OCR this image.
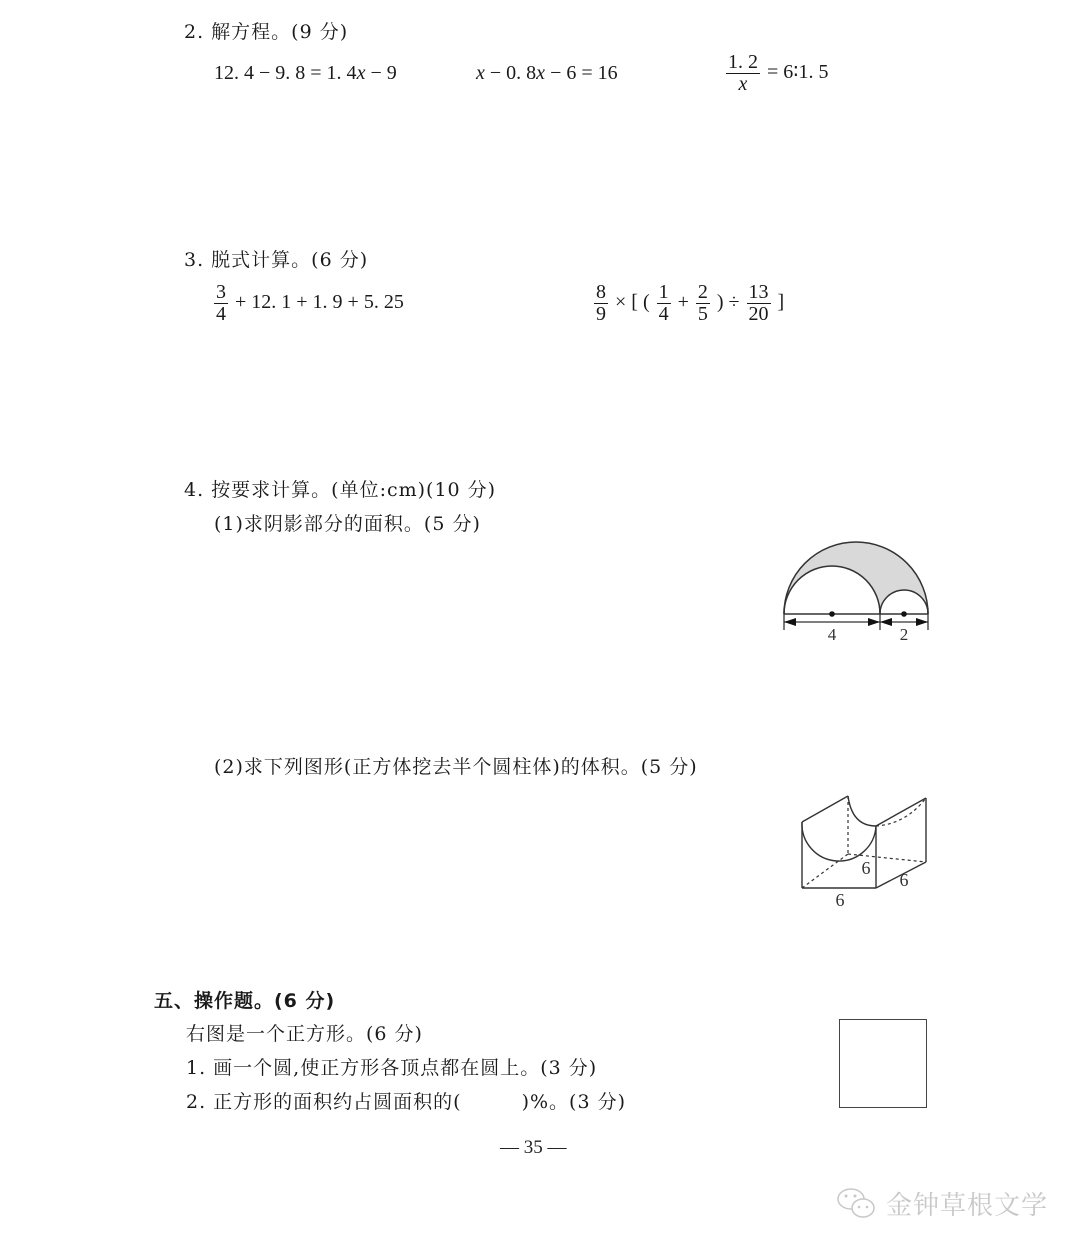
2. 解方程。(9 分)
12. 4 − 9. 8 = 1. 4x − 9	x − 0. 8x − 6 = 16	$\frac{1. 2}{x}$ = 6∶1. 5
3. 脱式计算。(6 分)
$\frac{3}{4} + 12$. 1 + 1. 9 + 5. 25	$\frac{8}{9}$ × [ ( $\frac{1}{4} + \frac{2}{5}$ ) ÷ $\frac{13}{20}$ ]
4. 按要求计算。(单位:cm)(10 分)
(1)求阴影部分的面积。(5 分)
4	2
(2)求下列图形(正方体挖去半个圆柱体)的体积。(5 分)
6
6
6
五、操作题。(6 分)
右图是一个正方形。(6 分)
1. 画一个圆,使正方形各顶点都在圆上。(3 分)
2. 正方形的面积约占圆面积的(　　　)%。(3 分)
— 35 —
金钟草根文学
